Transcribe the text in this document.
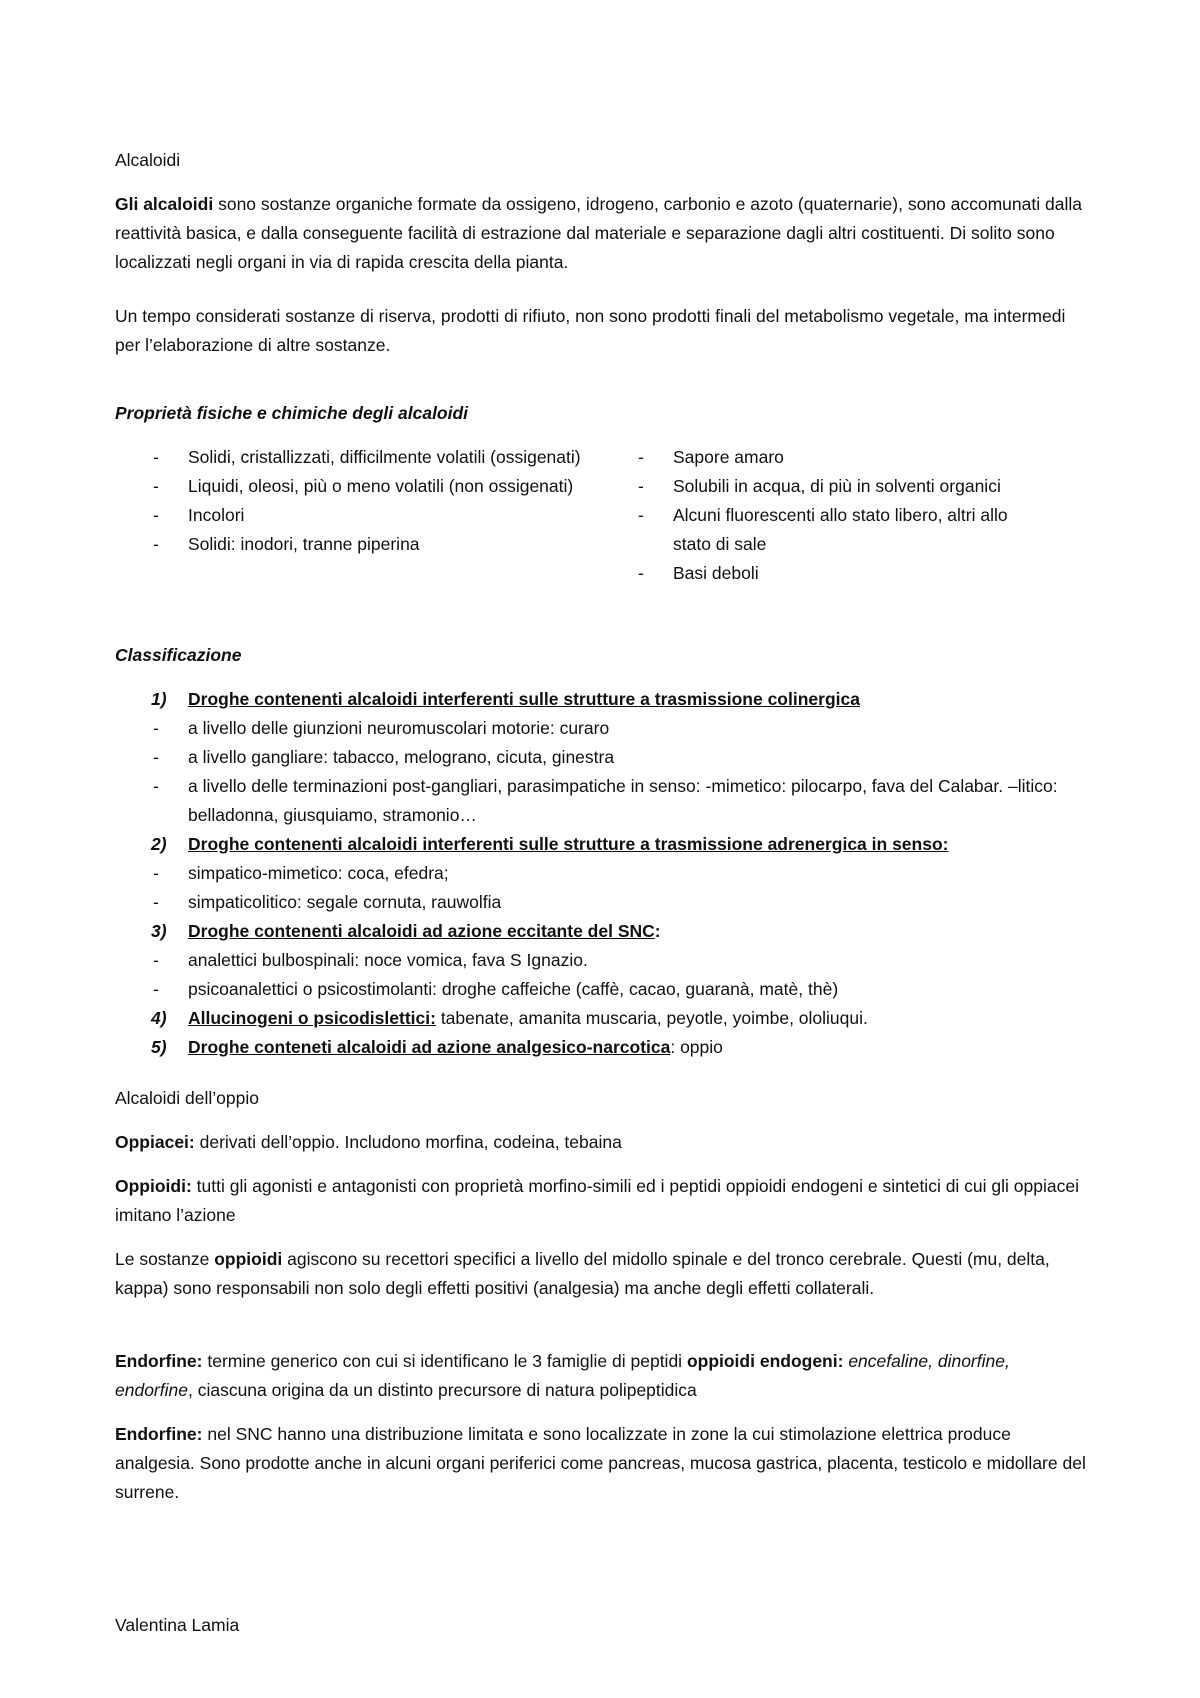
Alcaloidi

Gli alcaloidi sono sostanze organiche formate da ossigeno, idrogeno, carbonio e azoto (quaternarie), sono accomunati dalla reattività basica, e dalla conseguente facilità di estrazione dal materiale e separazione dagli altri costituenti. Di solito sono localizzati negli organi in via di rapida crescita della pianta.

Un tempo considerati sostanze di riserva, prodotti di rifiuto, non sono prodotti finali del metabolismo vegetale, ma intermedi per l’elaborazione di altre sostanze.

Proprietà fisiche e chimiche degli alcaloidi

- Solidi, cristallizzati, difficilmente volatili (ossigenati)
- Liquidi, oleosi, più o meno volatili (non ossigenati)
- Incolori
- Solidi: inodori, tranne piperina
- Sapore amaro
- Solubili in acqua, di più in solventi organici
- Alcuni fluorescenti allo stato libero, altri allo stato di sale
- Basi deboli

Classificazione

1) Droghe contenenti alcaloidi interferenti sulle strutture a trasmissione colinergica
- a livello delle giunzioni neuromuscolari motorie: curaro
- a livello gangliare: tabacco, melograno, cicuta, ginestra
- a livello delle terminazioni post-gangliari, parasimpatiche in senso: -mimetico: pilocarpo, fava del Calabar. –litico: belladonna, giusquiamo, stramonio…
2) Droghe contenenti alcaloidi interferenti sulle strutture a trasmissione adrenergica in senso:
- simpatico-mimetico: coca, efedra;
- simpaticolitico: segale cornuta, rauwolfia
3) Droghe contenenti alcaloidi ad azione eccitante del SNC:
- analettici bulbospinali: noce vomica, fava S Ignazio.
- psicoanalettici o psicostimolanti: droghe caffeiche (caffè, cacao, guaranà, matè, thè)
4) Allucinogeni o psicodislettici: tabenate, amanita muscaria, peyotle, yoimbe, ololiuqui.
5) Droghe conteneti alcaloidi ad azione analgesico-narcotica: oppio

Alcaloidi dell’oppio

Oppiacei: derivati dell’oppio. Includono morfina, codeina, tebaina

Oppioidi: tutti gli agonisti e antagonisti con proprietà morfino-simili ed i peptidi oppioidi endogeni e sintetici di cui gli oppiacei imitano l’azione

Le sostanze oppioidi agiscono su recettori specifici a livello del midollo spinale e del tronco cerebrale. Questi (mu, delta, kappa) sono responsabili non solo degli effetti positivi (analgesia) ma anche degli effetti collaterali.

Endorfine: termine generico con cui si identificano le 3 famiglie di peptidi oppioidi endogeni: encefaline, dinorfine, endorfine, ciascuna origina da un distinto precursore di natura polipeptidica

Endorfine: nel SNC hanno una distribuzione limitata e sono localizzate in zone la cui stimolazione elettrica produce analgesia. Sono prodotte anche in alcuni organi periferici come pancreas, mucosa gastrica, placenta, testicolo e midollare del surrene.

Valentina Lamia
